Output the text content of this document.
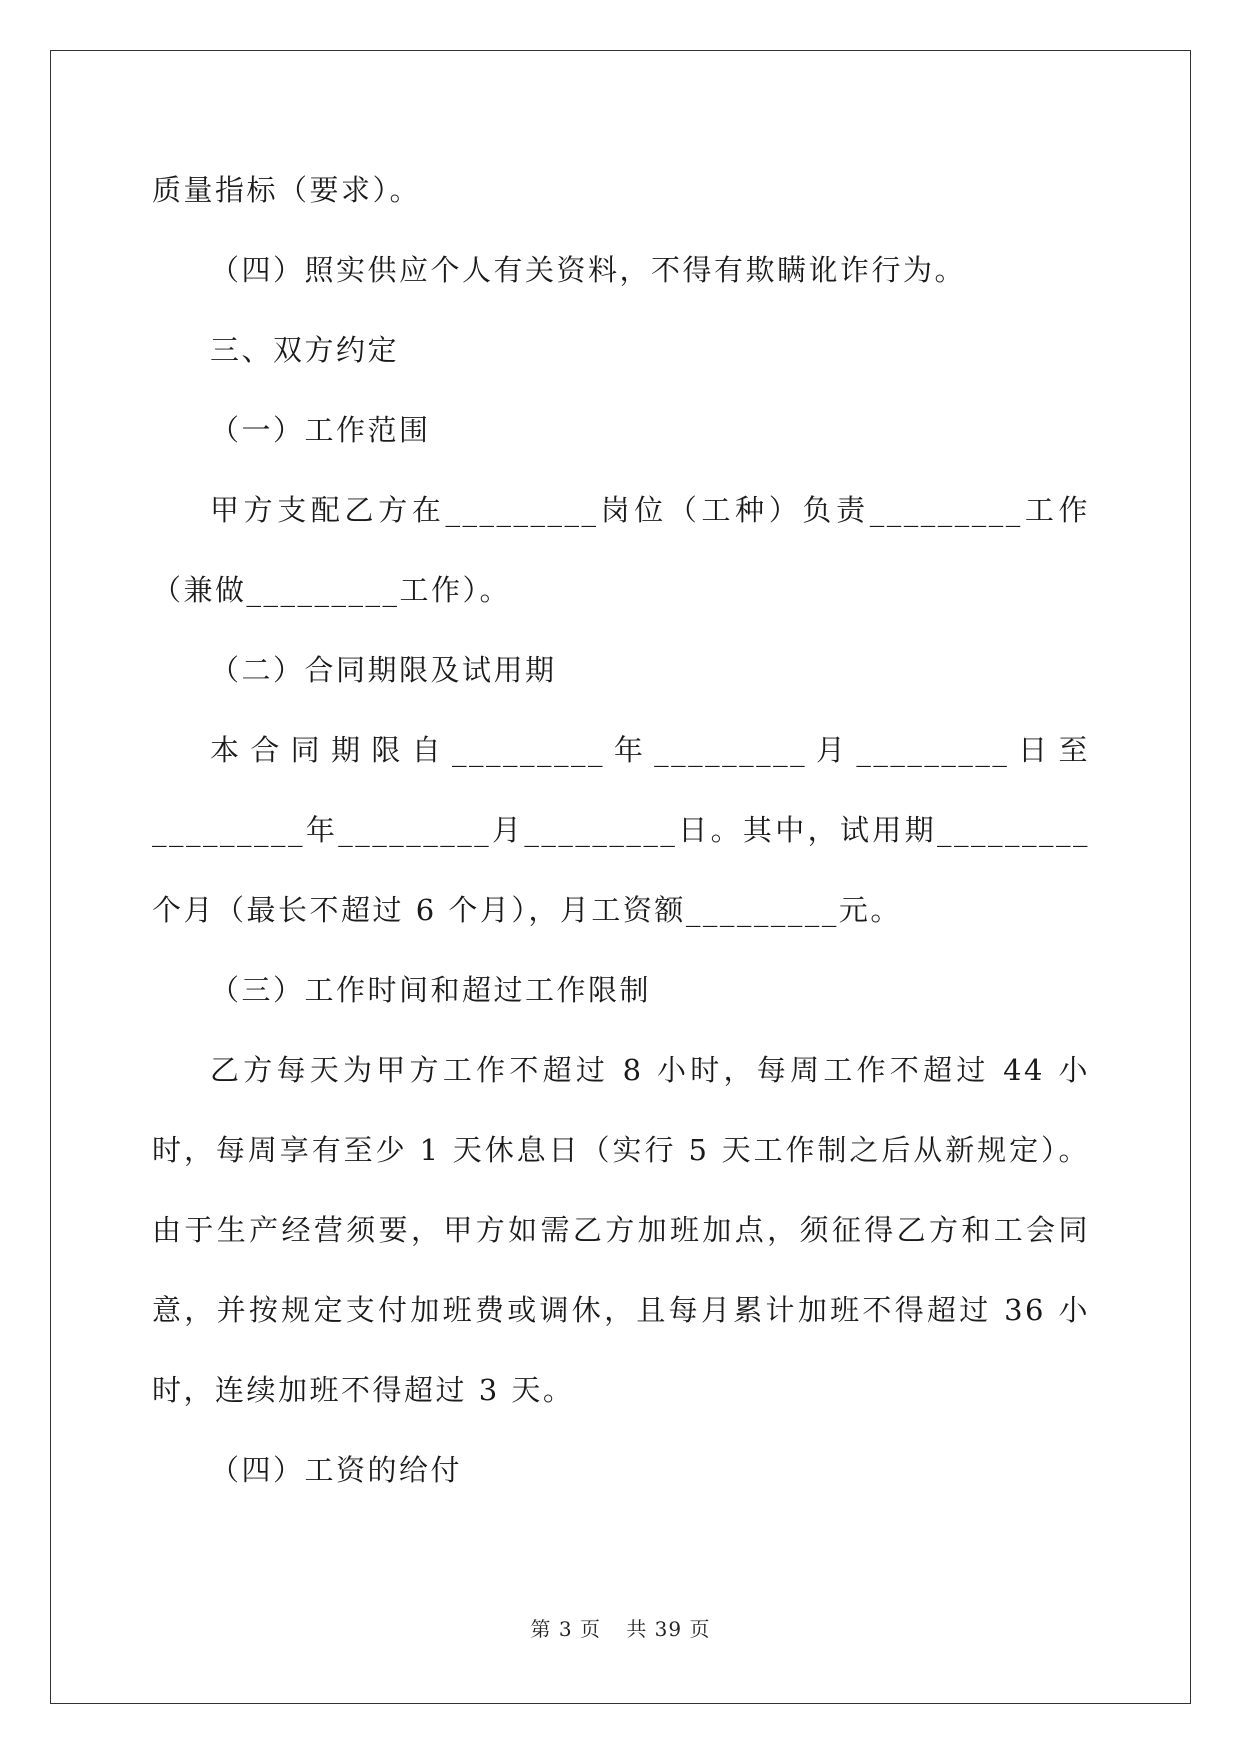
质量指标（要求）。

（四）照实供应个人有关资料，不得有欺瞒讹诈行为。

三、双方约定

（一）工作范围

甲方支配乙方在_________岗位（工种）负责_________工作（兼做_________工作）。

（二）合同期限及试用期

本合同期限自_________年_________月_________日至_________年_________月_________日。其中，试用期_________个月（最长不超过 6 个月），月工资额_________元。

（三）工作时间和超过工作限制

乙方每天为甲方工作不超过 8 小时，每周工作不超过 44 小时，每周享有至少 1 天休息日（实行 5 天工作制之后从新规定）。由于生产经营须要，甲方如需乙方加班加点，须征得乙方和工会同意，并按规定支付加班费或调休，且每月累计加班不得超过 36 小时，连续加班不得超过 3 天。

（四）工资的给付

第 3 页 共 39 页
